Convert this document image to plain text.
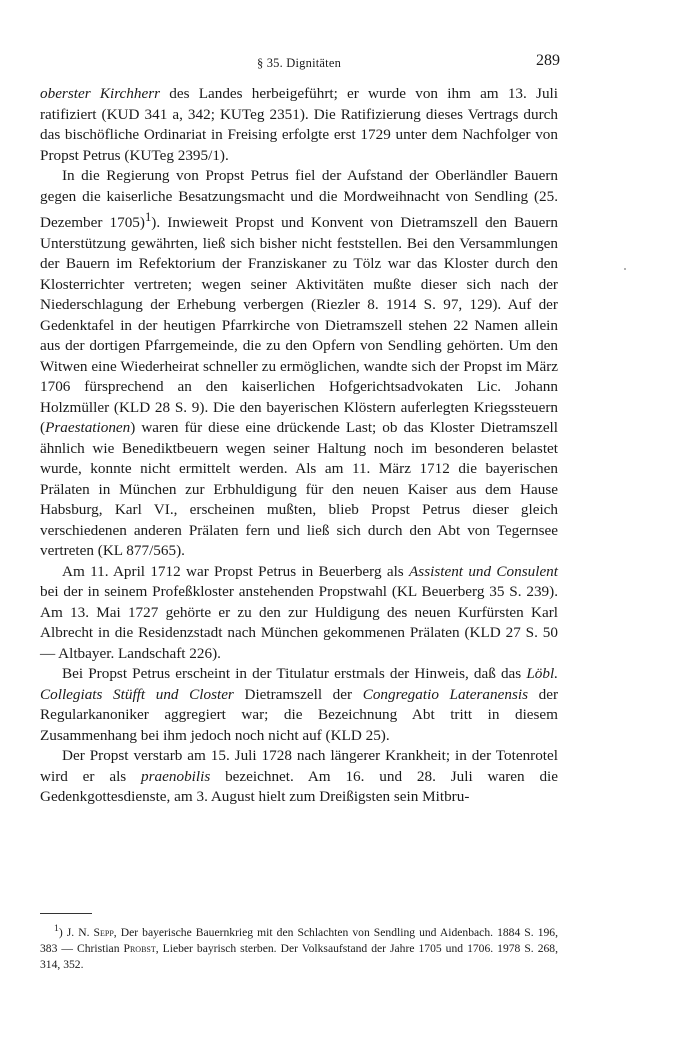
§ 35. Dignitäten	289

oberster Kirchherr des Landes herbeigeführt; er wurde von ihm am 13. Juli ratifiziert (KUD 341 a, 342; KUTeg 2351). Die Ratifizierung dieses Vertrags durch das bischöfliche Ordinariat in Freising erfolgte erst 1729 unter dem Nachfolger von Propst Petrus (KUTeg 2395/1).

In die Regierung von Propst Petrus fiel der Aufstand der Oberländler Bauern gegen die kaiserliche Besatzungsmacht und die Mordweihnacht von Sendling (25. Dezember 1705)$^1$). Inwieweit Propst und Konvent von Dietramszell den Bauern Unterstützung gewährten, ließ sich bisher nicht feststellen. Bei den Versammlungen der Bauern im Refektorium der Franziskaner zu Tölz war das Kloster durch den Klosterrichter vertreten; wegen seiner Aktivitäten mußte dieser sich nach der Niederschlagung der Erhebung verbergen (Riezler 8. 1914 S. 97, 129). Auf der Gedenktafel in der heutigen Pfarrkirche von Dietramszell stehen 22 Namen allein aus der dortigen Pfarrgemeinde, die zu den Opfern von Sendling gehörten. Um den Witwen eine Wiederheirat schneller zu ermöglichen, wandte sich der Propst im März 1706 fürsprechend an den kaiserlichen Hofgerichtsadvokaten Lic. Johann Holzmüller (KLD 28 S. 9). Die den bayerischen Klöstern auferlegten Kriegssteuern (Praestationen) waren für diese eine drückende Last; ob das Kloster Dietramszell ähnlich wie Benediktbeuern wegen seiner Haltung noch im besonderen belastet wurde, konnte nicht ermittelt werden. Als am 11. März 1712 die bayerischen Prälaten in München zur Erbhuldigung für den neuen Kaiser aus dem Hause Habsburg, Karl VI., erscheinen mußten, blieb Propst Petrus dieser gleich verschiedenen anderen Prälaten fern und ließ sich durch den Abt von Tegernsee vertreten (KL 877/565).

Am 11. April 1712 war Propst Petrus in Beuerberg als Assistent und Consulent bei der in seinem Profeßkloster anstehenden Propstwahl (KL Beuerberg 35 S. 239). Am 13. Mai 1727 gehörte er zu den zur Huldigung des neuen Kurfürsten Karl Albrecht in die Residenzstadt nach München gekommenen Prälaten (KLD 27 S. 50 — Altbayer. Landschaft 226).

Bei Propst Petrus erscheint in der Titulatur erstmals der Hinweis, daß das Löbl. Collegiats Stüfft und Closter Dietramszell der Congregatio Lateranensis der Regularkanoniker aggregiert war; die Bezeichnung Abt tritt in diesem Zusammenhang bei ihm jedoch noch nicht auf (KLD 25).

Der Propst verstarb am 15. Juli 1728 nach längerer Krankheit; in der Totenrotel wird er als praenobilis bezeichnet. Am 16. und 28. Juli waren die Gedenkgottesdienste, am 3. August hielt zum Dreißigsten sein Mitbru-

$^1$) J. N. Sepp, Der bayerische Bauernkrieg mit den Schlachten von Sendling und Aidenbach. 1884 S. 196, 383 — Christian Probst, Lieber bayrisch sterben. Der Volksaufstand der Jahre 1705 und 1706. 1978 S. 268, 314, 352.
